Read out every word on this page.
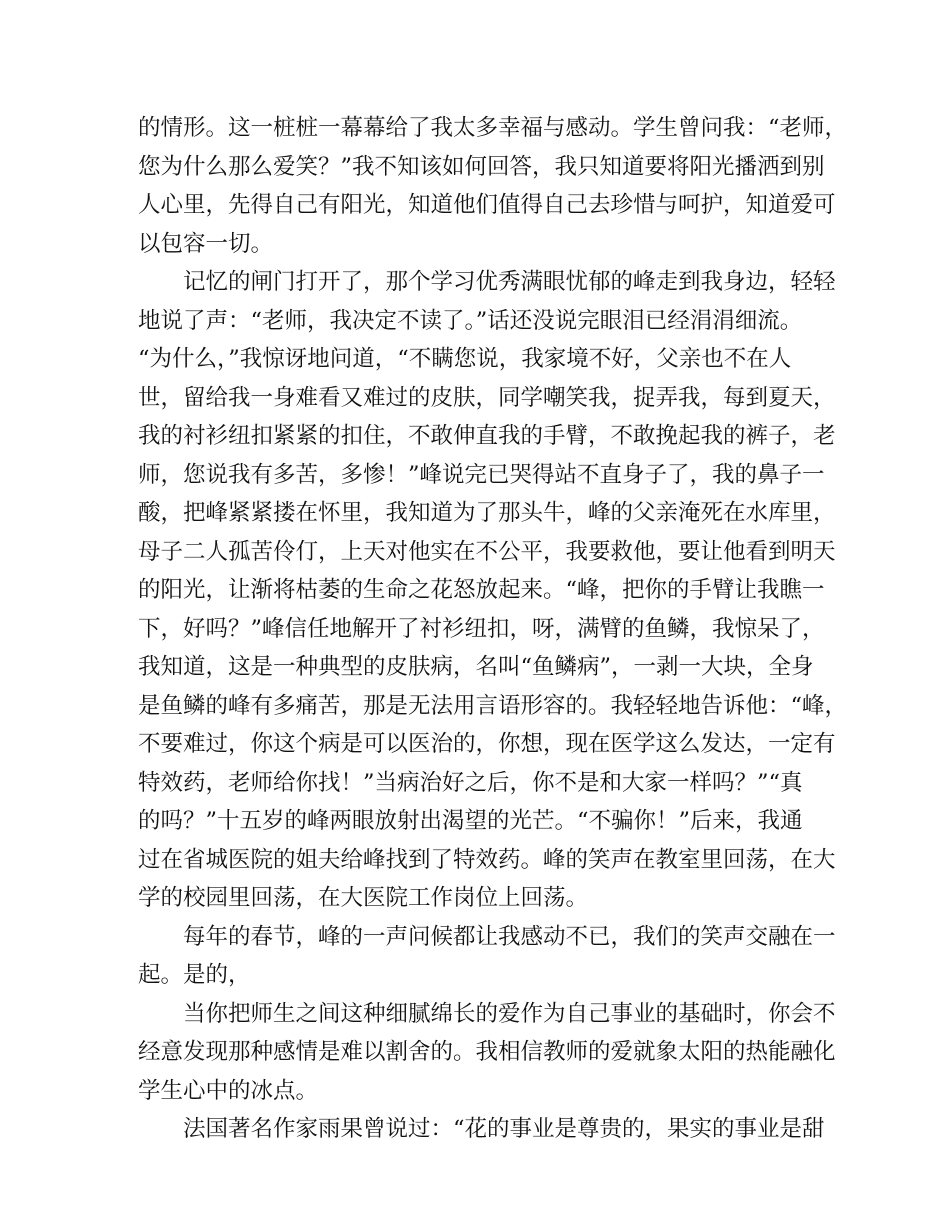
的情形。这一桩桩一幕幕给了我太多幸福与感动。学生曾问我：“老师，
您为什么那么爱笑？”我不知该如何回答，我只知道要将阳光播洒到别
人心里，先得自己有阳光，知道他们值得自己去珍惜与呵护，知道爱可
以包容一切。
记忆的闸门打开了，那个学习优秀满眼忧郁的峰走到我身边，轻轻
地说了声：“老师，我决定不读了。”话还没说完眼泪已经涓涓细流。
“为什么，”我惊讶地问道，“不瞒您说，我家境不好，父亲也不在人
世，留给我一身难看又难过的皮肤，同学嘲笑我，捉弄我，每到夏天，
我的衬衫纽扣紧紧的扣住，不敢伸直我的手臂，不敢挽起我的裤子，老
师，您说我有多苦，多惨！”峰说完已哭得站不直身子了，我的鼻子一
酸，把峰紧紧搂在怀里，我知道为了那头牛，峰的父亲淹死在水库里，
母子二人孤苦伶仃，上天对他实在不公平，我要救他，要让他看到明天
的阳光，让渐将枯萎的生命之花怒放起来。“峰，把你的手臂让我瞧一
下，好吗？”峰信任地解开了衬衫纽扣，呀，满臂的鱼鳞，我惊呆了，
我知道，这是一种典型的皮肤病，名叫“鱼鳞病”，一剥一大块，全身
是鱼鳞的峰有多痛苦，那是无法用言语形容的。我轻轻地告诉他：“峰，
不要难过，你这个病是可以医治的，你想，现在医学这么发达，一定有
特效药，老师给你找！”当病治好之后，你不是和大家一样吗？”“真
的吗？”十五岁的峰两眼放射出渴望的光芒。“不骗你！”后来，我通
过在省城医院的姐夫给峰找到了特效药。峰的笑声在教室里回荡，在大
学的校园里回荡，在大医院工作岗位上回荡。
每年的春节，峰的一声问候都让我感动不已，我们的笑声交融在一
起。是的，
当你把师生之间这种细腻绵长的爱作为自己事业的基础时，你会不
经意发现那种感情是难以割舍的。我相信教师的爱就象太阳的热能融化
学生心中的冰点。
法国著名作家雨果曾说过：“花的事业是尊贵的，果实的事业是甜
